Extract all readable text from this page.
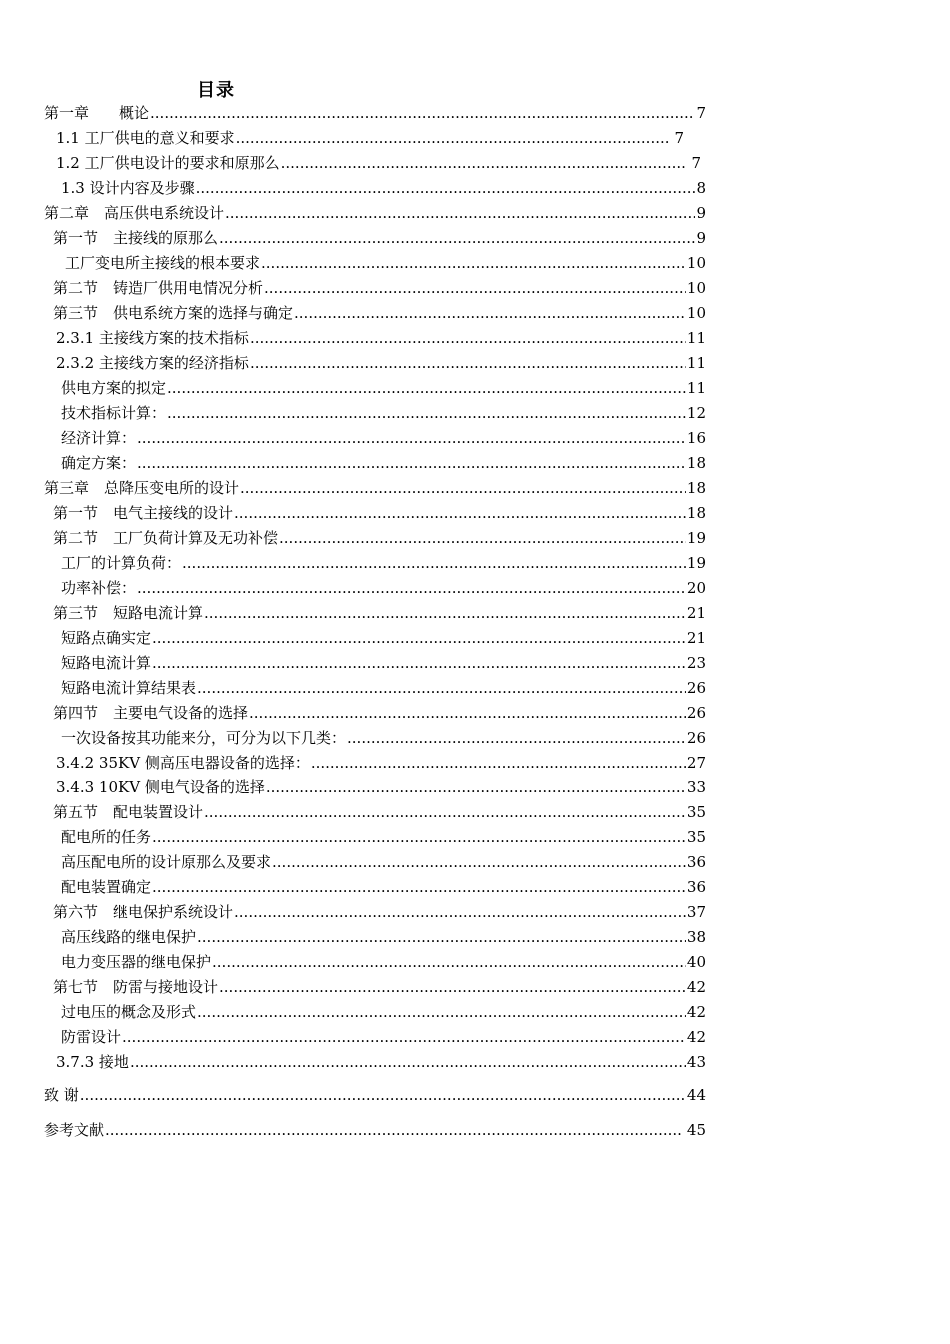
目录
第一章　　概论 .....	7
1.1 工厂供电的意义和要求 .....	7
1.2 工厂供电设计的要求和原那么 .....	7
1.3 设计内容及步骤 .....	8
第二章　高压供电系统设计 .....	9
第一节　主接线的原那么 .....	9
工厂变电所主接线的根本要求 .....	10
第二节　铸造厂供用电情况分析 .....	10
第三节　供电系统方案的选择与确定 .....	10
2.3.1 主接线方案的技术指标 .....	11
2.3.2 主接线方案的经济指标 .....	11
供电方案的拟定 .....	11
技术指标计算： .....	12
经济计算： .....	16
确定方案： .....	18
第三章　总降压变电所的设计 .....	18
第一节　电气主接线的设计 .....	18
第二节　工厂负荷计算及无功补偿 .....	19
工厂的计算负荷： .....	19
功率补偿： .....	20
第三节　短路电流计算 .....	21
短路点确实定 .....	21
短路电流计算 .....	23
短路电流计算结果表 .....	26
第四节　主要电气设备的选择 .....	26
一次设备按其功能来分，可分为以下几类： .....	26
3.4.2 35KV 侧高压电器设备的选择： .....	27
3.4.3 10KV 侧电气设备的选择 .....	33
第五节　配电装置设计 .....	35
配电所的任务 .....	35
高压配电所的设计原那么及要求 .....	36
配电装置确定 .....	36
第六节　继电保护系统设计 .....	37
高压线路的继电保护 .....	38
电力变压器的继电保护 .....	40
第七节　防雷与接地设计 .....	42
过电压的概念及形式 .....	42
防雷设计 .....	42
3.7.3 接地 .....	43
致 谢 .....	44
参考文献 .....	45
